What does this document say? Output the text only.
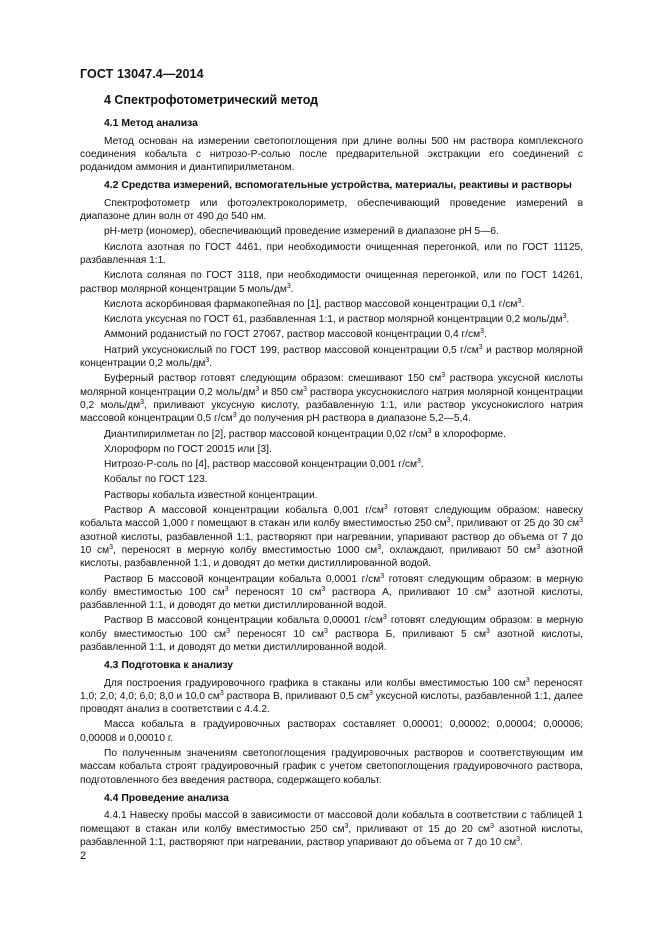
ГОСТ 13047.4—2014
4 Спектрофотометрический метод
4.1 Метод анализа

Метод основан на измерении светопоглощения при длине волны 500 нм раствора комплексного соединения кобальта с нитрозо-Р-солью после предварительной экстракции его соединений с роданидом аммония и диантипирилметаном.

4.2 Средства измерений, вспомогательные устройства, материалы, реактивы и растворы

Спектрофотометр или фотоэлектроколориметр, обеспечивающий проведение измерений в диапазоне длин волн от 490 до 540 нм.

pH-метр (иономер), обеспечивающий проведение измерений в диапазоне pH 5—6.

Кислота азотная по ГОСТ 4461, при необходимости очищенная перегонкой, или по ГОСТ 11125, разбавленная 1:1.

Кислота соляная по ГОСТ 3118, при необходимости очищенная перегонкой, или по ГОСТ 14261, раствор молярной концентрации 5 моль/$дм^3$.

Кислота аскорбиновая фармакопейная по [1], раствор массовой концентрации 0,1 $г/см^3$.

Кислота уксусная по ГОСТ 61, разбавленная 1:1, и раствор молярной концентрации 0,2 моль/$дм^3$.

Аммоний роданистый по ГОСТ 27067, раствор массовой концентрации 0,4 $г/см^3$.

Натрий уксуснокислый по ГОСТ 199, раствор массовой концентрации 0,5 $г/см^3$ и раствор молярной концентрации 0,2 моль/$дм^3$.

Буферный раствор готовят следующим образом: смешивают 150 $см^3$ раствора уксусной кислоты молярной концентрации 0,2 моль/$дм^3$ и 850 $см^3$ раствора уксуснокислого натрия молярной концентрации 0,2 моль/$дм^3$, приливают уксусную кислоту, разбавленную 1:1, или раствор уксуснокислого натрия массовой концентрации 0,5 $г/см^3$ до получения pH раствора в диапазоне 5,2—5,4.

Диантипирилметан по [2], раствор массовой концентрации 0,02 $г/см^3$ в хлороформе.

Хлороформ по ГОСТ 20015 или [3].

Нитрозо-Р-соль по [4], раствор массовой концентрации 0,001 $г/см^3$.

Кобальт по ГОСТ 123.

Растворы кобальта известной концентрации.

Раствор А массовой концентрации кобальта 0,001 $г/см^3$ готовят следующим образом: навеску кобальта массой 1,000 г помещают в стакан или колбу вместимостью 250 $см^3$, приливают от 25 до 30 $см^3$ азотной кислоты, разбавленной 1:1, растворяют при нагревании, упаривают раствор до объема от 7 до 10 $см^3$, переносят в мерную колбу вместимостью 1000 $см^3$, охлаждают, приливают 50 $см^3$ азотной кислоты, разбавленной 1:1, и доводят до метки дистиллированной водой.

Раствор Б массовой концентрации кобальта 0,0001 $г/см^3$ готовят следующим образом: в мерную колбу вместимостью 100 $см^3$ переносят 10 $см^3$ раствора А, приливают 10 $см^3$ азотной кислоты, разбавленной 1:1, и доводят до метки дистиллированной водой.

Раствор В массовой концентрации кобальта 0,00001 $г/см^3$ готовят следующим образом: в мерную колбу вместимостью 100 $см^3$ переносят 10 $см^3$ раствора Б, приливают 5 $см^3$ азотной кислоты, разбавленной 1:1, и доводят до метки дистиллированной водой.

4.3 Подготовка к анализу

Для построения градуировочного графика в стаканы или колбы вместимостью 100 $см^3$ переносят 1,0; 2,0; 4,0; 6,0; 8,0 и 10,0 $см^3$ раствора В, приливают 0,5 $см^3$ уксусной кислоты, разбавленной 1:1, далее проводят анализ в соответствии с 4.4.2.

Масса кобальта в градуировочных растворах составляет 0,00001; 0,00002; 0,00004; 0,00006; 0,00008 и 0,00010 г.

По полученным значениям светопоглощения градуировочных растворов и соответствующим им массам кобальта строят градуировочный график с учетом светопоглощения градуировочного раствора, подготовленного без введения раствора, содержащего кобальт.

4.4 Проведение анализа

4.4.1 Навеску пробы массой в зависимости от массовой доли кобальта в соответствии с таблицей 1 помещают в стакан или колбу вместимостью 250 $см^3$, приливают от 15 до 20 $см^3$ азотной кислоты, разбавленной 1:1, растворяют при нагревании, раствор упаривают до объема от 7 до 10 $см^3$.

2
